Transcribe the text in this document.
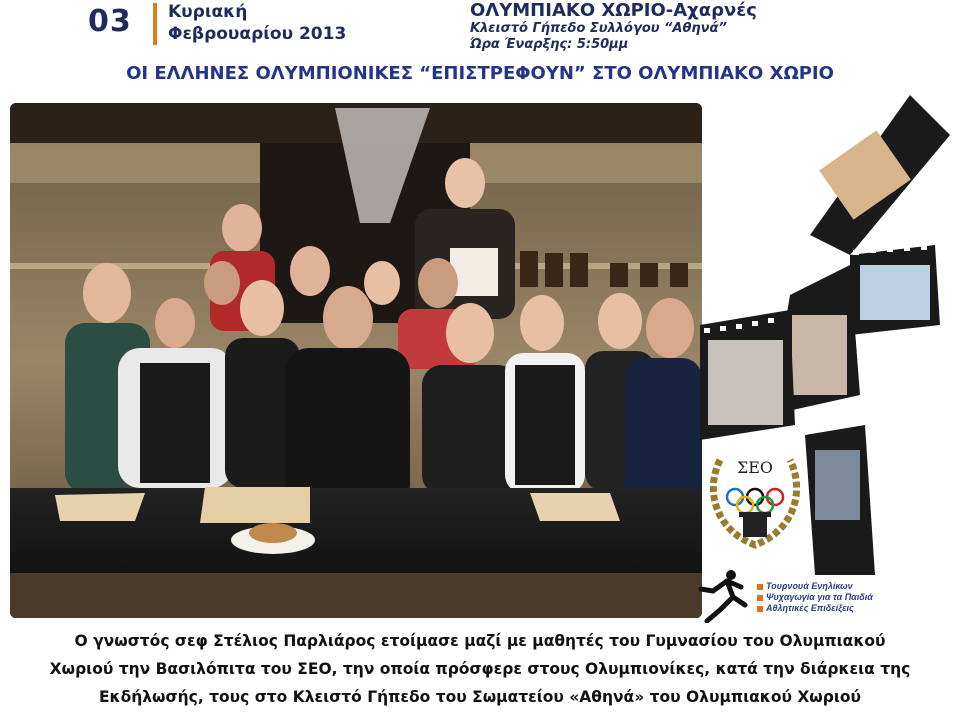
03 Κυριακή
Φεβρουαρίου 2013
ΟΛΥΜΠΙΑΚΟ ΧΩΡΙΟ-Αχαρνές
Κλειστό Γήπεδο Συλλόγου “Αθηνά”
Ώρα Έναρξης: 5:50μμ
ΟΙ ΕΛΛΗΝΕΣ ΟΛΥΜΠΙΟΝΙΚΕΣ “ΕΠΙΣΤΡΕΦΟΥΝ” ΣΤΟ ΟΛΥΜΠΙΑΚΟ ΧΩΡΙΟ
ΣΕΟ
Τουρνουά Ενηλίκων
Ψυχαγωγία για τα Παιδιά
Αθλητικές Επιδείξεις
Ο γνωστός σεφ Στέλιος Παρλιάρος ετοίμασε μαζί με μαθητές του Γυμνασίου του Ολυμπιακού
Χωριού την Βασιλόπιτα του ΣΕΟ, την οποία πρόσφερε στους Ολυμπιονίκες, κατά την διάρκεια της
Εκδήλωσής, τους στο Κλειστό Γήπεδο του Σωματείου «Αθηνά» του Ολυμπιακού Χωριού
